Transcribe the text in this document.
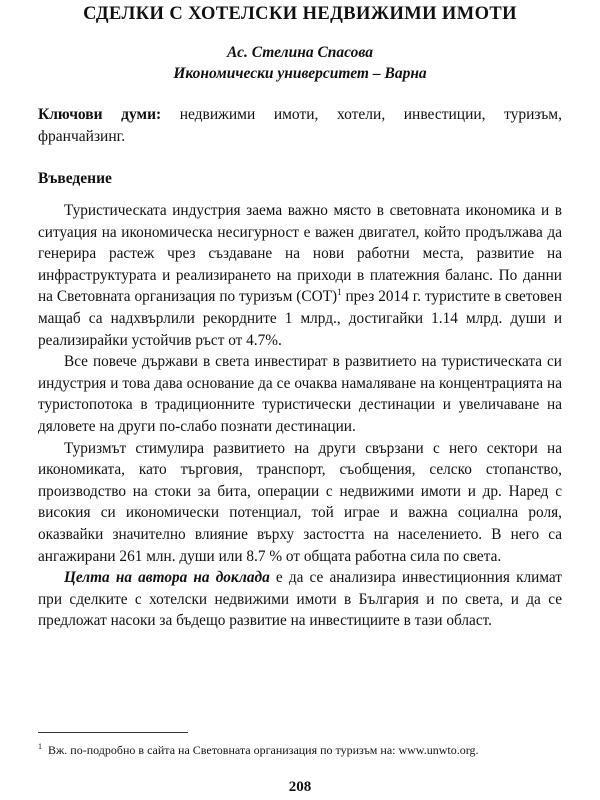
СДЕЛКИ С ХОТЕЛСКИ НЕДВИЖИМИ ИМОТИ
Ас. Стелина Спасова
Икономически университет – Варна
Ключови думи: недвижими имоти, хотели, инвестиции, туризъм, франчайзинг.
Въведение

Туристическата индустрия заема важно място в световната икономика и в ситуация на икономическа несигурност е важен двигател, който продължава да генерира растеж чрез създаване на нови работни места, развитие на инфраструктурата и реализирането на приходи в платежния баланс. По данни на Световната организация по туризъм (СОТ)$^1$ през 2014 г. туристите в световен мащаб са надхвърлили рекордните 1 млрд., достигайки 1.14 млрд. души и реализирайки устойчив ръст от 4.7%.

Все повече държави в света инвестират в развитието на туристическата си индустрия и това дава основание да се очаква намаляване на концентрацията на туристопотока в традиционните туристически дестинации и увеличаване на дяловете на други по-слабо познати дестинации.

Туризмът стимулира развитието на други свързани с него сектори на икономиката, като търговия, транспорт, съобщения, селско стопанство, производство на стоки за бита, операции с недвижими имоти и др. Наред с високия си икономически потенциал, той играе и важна социална роля, оказвайки значително влияние върху застостта на населението. В него са ангажирани 261 млн. души или 8.7 % от общата работна сила по света.

Целта на автора на доклада е да се анализира инвестиционния климат при сделките с хотелски недвижими имоти в България и по света, и да се предложат насоки за бъдещо развитие на инвестициите в тази област.

$^1$ Вж. по-подробно в сайта на Световната организация по туризъм на: www.unwto.org.
208
